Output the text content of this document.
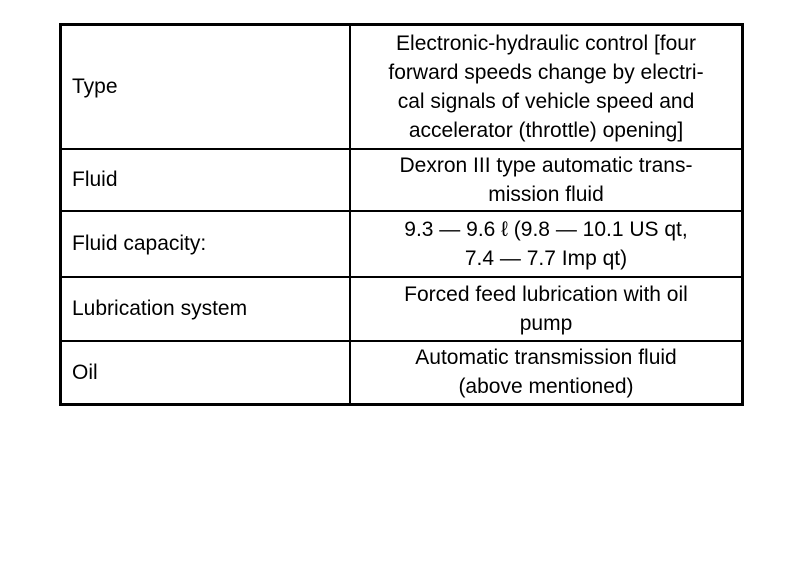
Type	Electronic-hydraulic control [four
forward speeds change by electri-
cal signals of vehicle speed and
accelerator (throttle) opening]

Fluid	Dexron III type automatic trans-
mission fluid

Fluid capacity:	9.3 — 9.6 ℓ (9.8 — 10.1 US qt,
7.4 — 7.7 Imp qt)

Lubrication system	Forced feed lubrication with oil
pump

Oil	Automatic transmission fluid
(above mentioned)
